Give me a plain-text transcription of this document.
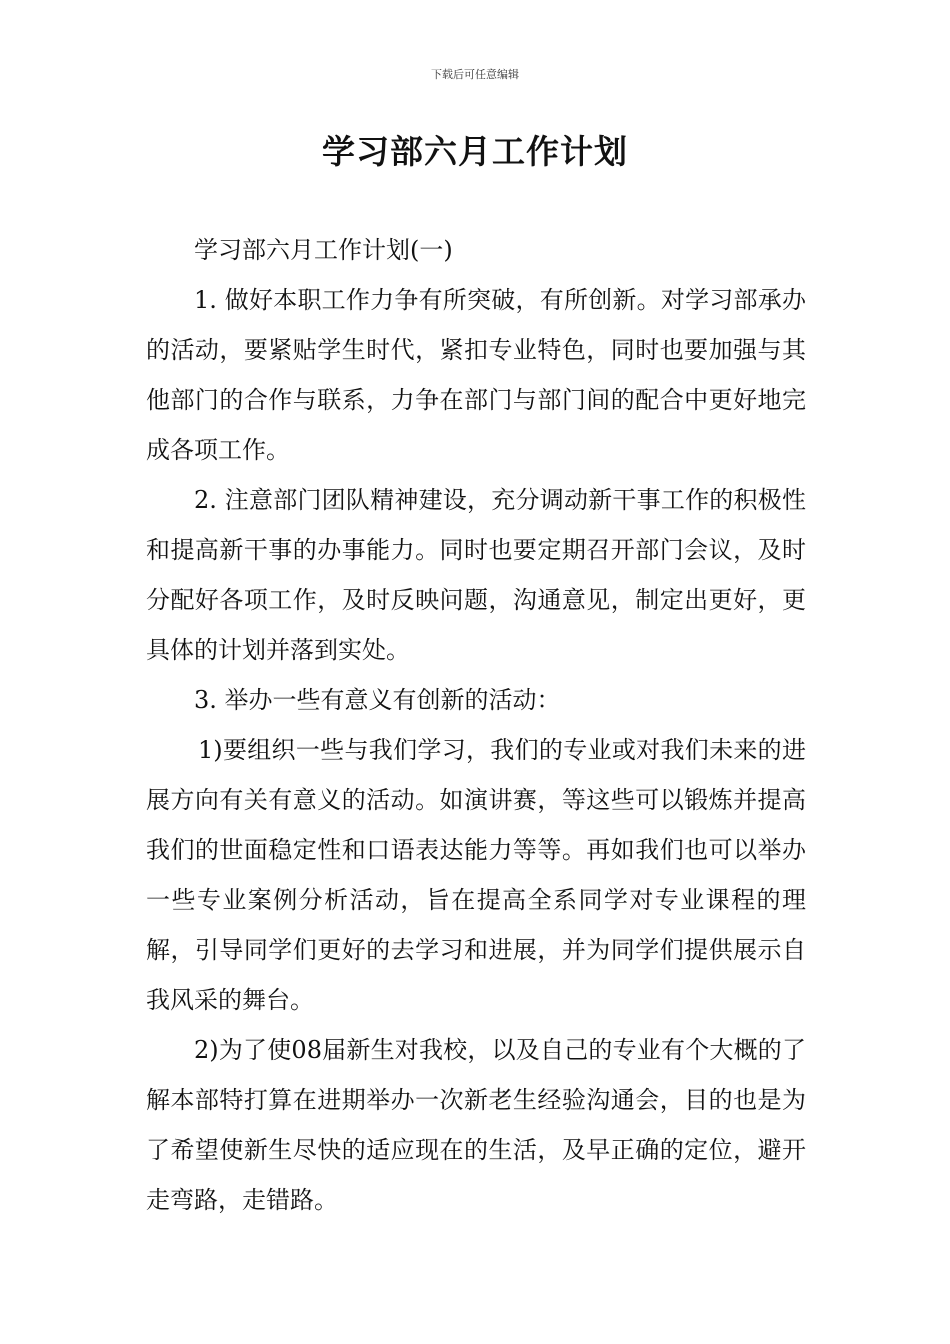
下载后可任意编辑
学习部六月工作计划

学习部六月工作计划(一)

1. 做好本职工作力争有所突破，有所创新。对学习部承办的活动，要紧贴学生时代，紧扣专业特色，同时也要加强与其他部门的合作与联系，力争在部门与部门间的配合中更好地完成各项工作。

2. 注意部门团队精神建设，充分调动新干事工作的积极性和提高新干事的办事能力。同时也要定期召开部门会议，及时分配好各项工作，及时反映问题，沟通意见，制定出更好，更具体的计划并落到实处。

3. 举办一些有意义有创新的活动：

1)要组织一些与我们学习，我们的专业或对我们未来的进展方向有关有意义的活动。如演讲赛，等这些可以锻炼并提高我们的世面稳定性和口语表达能力等等。再如我们也可以举办一些专业案例分析活动，旨在提高全系同学对专业课程的理解，引导同学们更好的去学习和进展，并为同学们提供展示自我风采的舞台。

2)为了使08届新生对我校，以及自己的专业有个大概的了解本部特打算在进期举办一次新老生经验沟通会，目的也是为了希望使新生尽快的适应现在的生活，及早正确的定位，避开走弯路，走错路。
